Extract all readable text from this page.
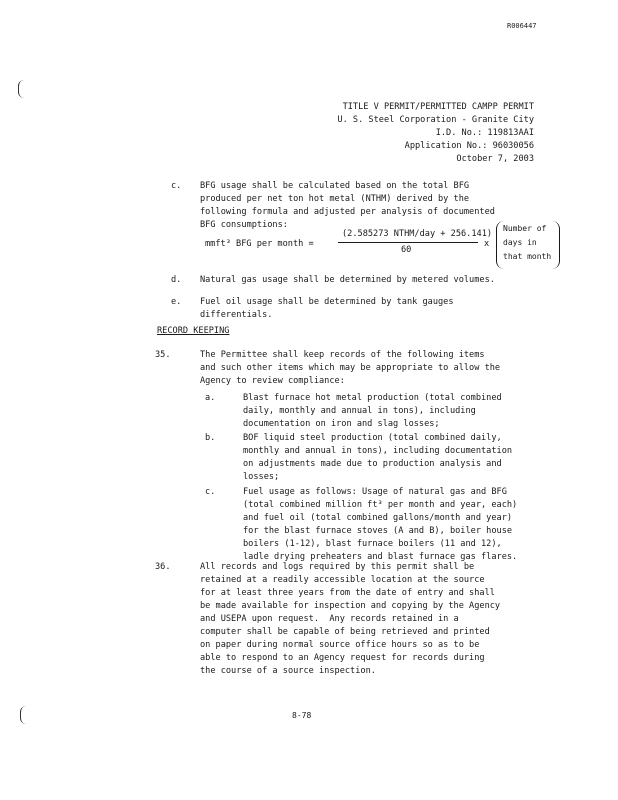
R006447
TITLE V PERMIT/PERMITTED CAMPP PERMIT
U. S. Steel Corporation - Granite City
I.D. No.: 119813AAI
Application No.: 96030056
October 7, 2003
c. BFG usage shall be calculated based on the total BFG
produced per net ton hot metal (NTHM) derived by the
following formula and adjusted per analysis of documented
BFG consumptions:
mmft³ BFG per month =
(2.585273 NTHM/day + 256.141)
60
x
Number of
days in
that month
d. Natural gas usage shall be determined by metered volumes.
e. Fuel oil usage shall be determined by tank gauges
differentials.
RECORD KEEPING
35.	The Permittee shall keep records of the following items
and such other items which may be appropriate to allow the
Agency to review compliance:
a.	Blast furnace hot metal production (total combined
daily, monthly and annual in tons), including
documentation on iron and slag losses;
b.	BOF liquid steel production (total combined daily,
monthly and annual in tons), including documentation
on adjustments made due to production analysis and
losses;
c.	Fuel usage as follows: Usage of natural gas and BFG
(total combined million ft³ per month and year, each)
and fuel oil (total combined gallons/month and year)
for the blast furnace stoves (A and B), boiler house
boilers (1-12), blast furnace boilers (11 and 12),
ladle drying preheaters and blast furnace gas flares.
36.	All records and logs required by this permit shall be
retained at a readily accessible location at the source
for at least three years from the date of entry and shall
be made available for inspection and copying by the Agency
and USEPA upon request.  Any records retained in a
computer shall be capable of being retrieved and printed
on paper during normal source office hours so as to be
able to respond to an Agency request for records during
the course of a source inspection.
8-78
